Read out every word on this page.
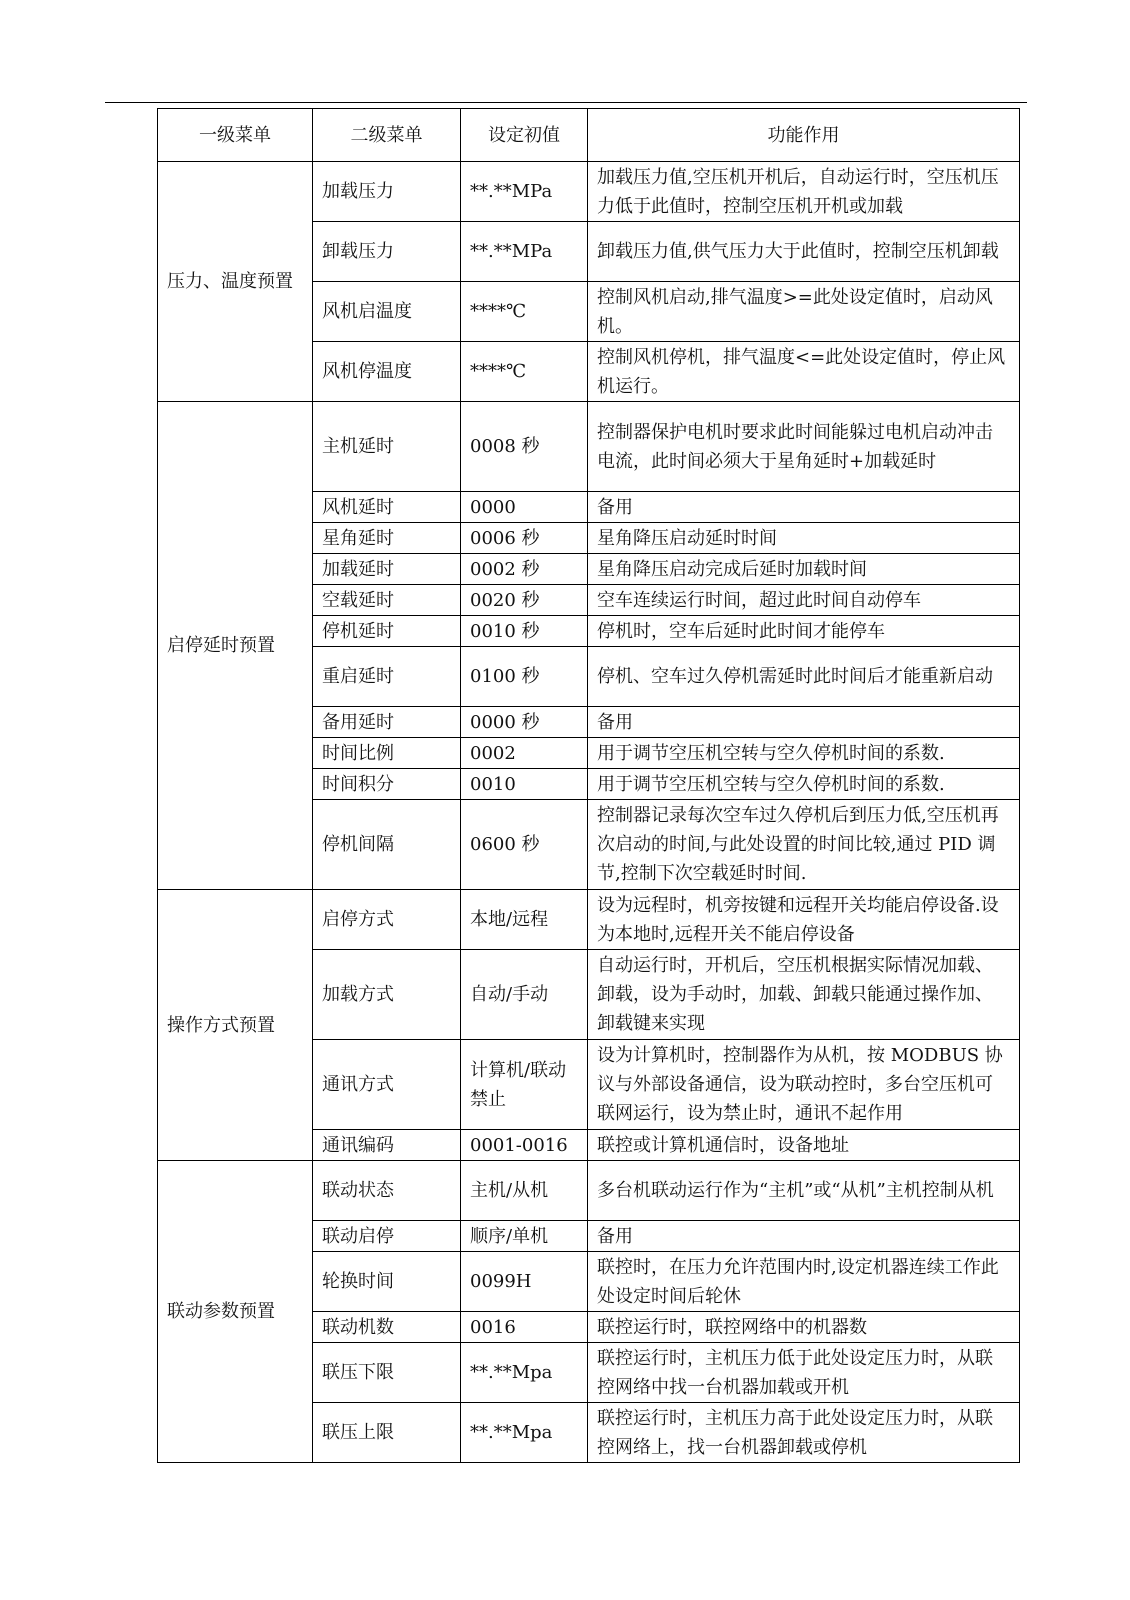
一级菜单	二级菜单	设定初值	功能作用
压力、温度预置	加载压力	**.**MPa	加载压力值,空压机开机后，自动运行时，空压机压力低于此值时，控制空压机开机或加载
	卸载压力	**.**MPa	卸载压力值,供气压力大于此值时，控制空压机卸载
	风机启温度	****℃	控制风机启动,排气温度>=此处设定值时，启动风机。
	风机停温度	****℃	控制风机停机，排气温度<=此处设定值时，停止风机运行。
启停延时预置	主机延时	0008 秒	控制器保护电机时要求此时间能躲过电机启动冲击电流，此时间必须大于星角延时+加载延时
	风机延时	0000	备用
	星角延时	0006 秒	星角降压启动延时时间
	加载延时	0002 秒	星角降压启动完成后延时加载时间
	空载延时	0020 秒	空车连续运行时间，超过此时间自动停车
	停机延时	0010 秒	停机时，空车后延时此时间才能停车
	重启延时	0100 秒	停机、空车过久停机需延时此时间后才能重新启动
	备用延时	0000 秒	备用
	时间比例	0002	用于调节空压机空转与空久停机时间的系数.
	时间积分	0010	用于调节空压机空转与空久停机时间的系数.
	停机间隔	0600 秒	控制器记录每次空车过久停机后到压力低,空压机再次启动的时间,与此处设置的时间比较,通过 PID 调节,控制下次空载延时时间.
操作方式预置	启停方式	本地/远程	设为远程时，机旁按键和远程开关均能启停设备.设为本地时,远程开关不能启停设备
	加载方式	自动/手动	自动运行时，开机后，空压机根据实际情况加载、卸载，设为手动时，加载、卸载只能通过操作加、卸载键来实现
	通讯方式	计算机/联动禁止	设为计算机时，控制器作为从机，按 MODBUS 协议与外部设备通信，设为联动控时，多台空压机可联网运行，设为禁止时，通讯不起作用
	通讯编码	0001-0016	联控或计算机通信时，设备地址
联动参数预置	联动状态	主机/从机	多台机联动运行作为“主机”或“从机”主机控制从机
	联动启停	顺序/单机	备用
	轮换时间	0099H	联控时，在压力允许范围内时,设定机器连续工作此处设定时间后轮休
	联动机数	0016	联控运行时，联控网络中的机器数
	联压下限	**.**Mpa	联控运行时，主机压力低于此处设定压力时，从联控网络中找一台机器加载或开机
	联压上限	**.**Mpa	联控运行时，主机压力高于此处设定压力时，从联控网络上，找一台机器卸载或停机
